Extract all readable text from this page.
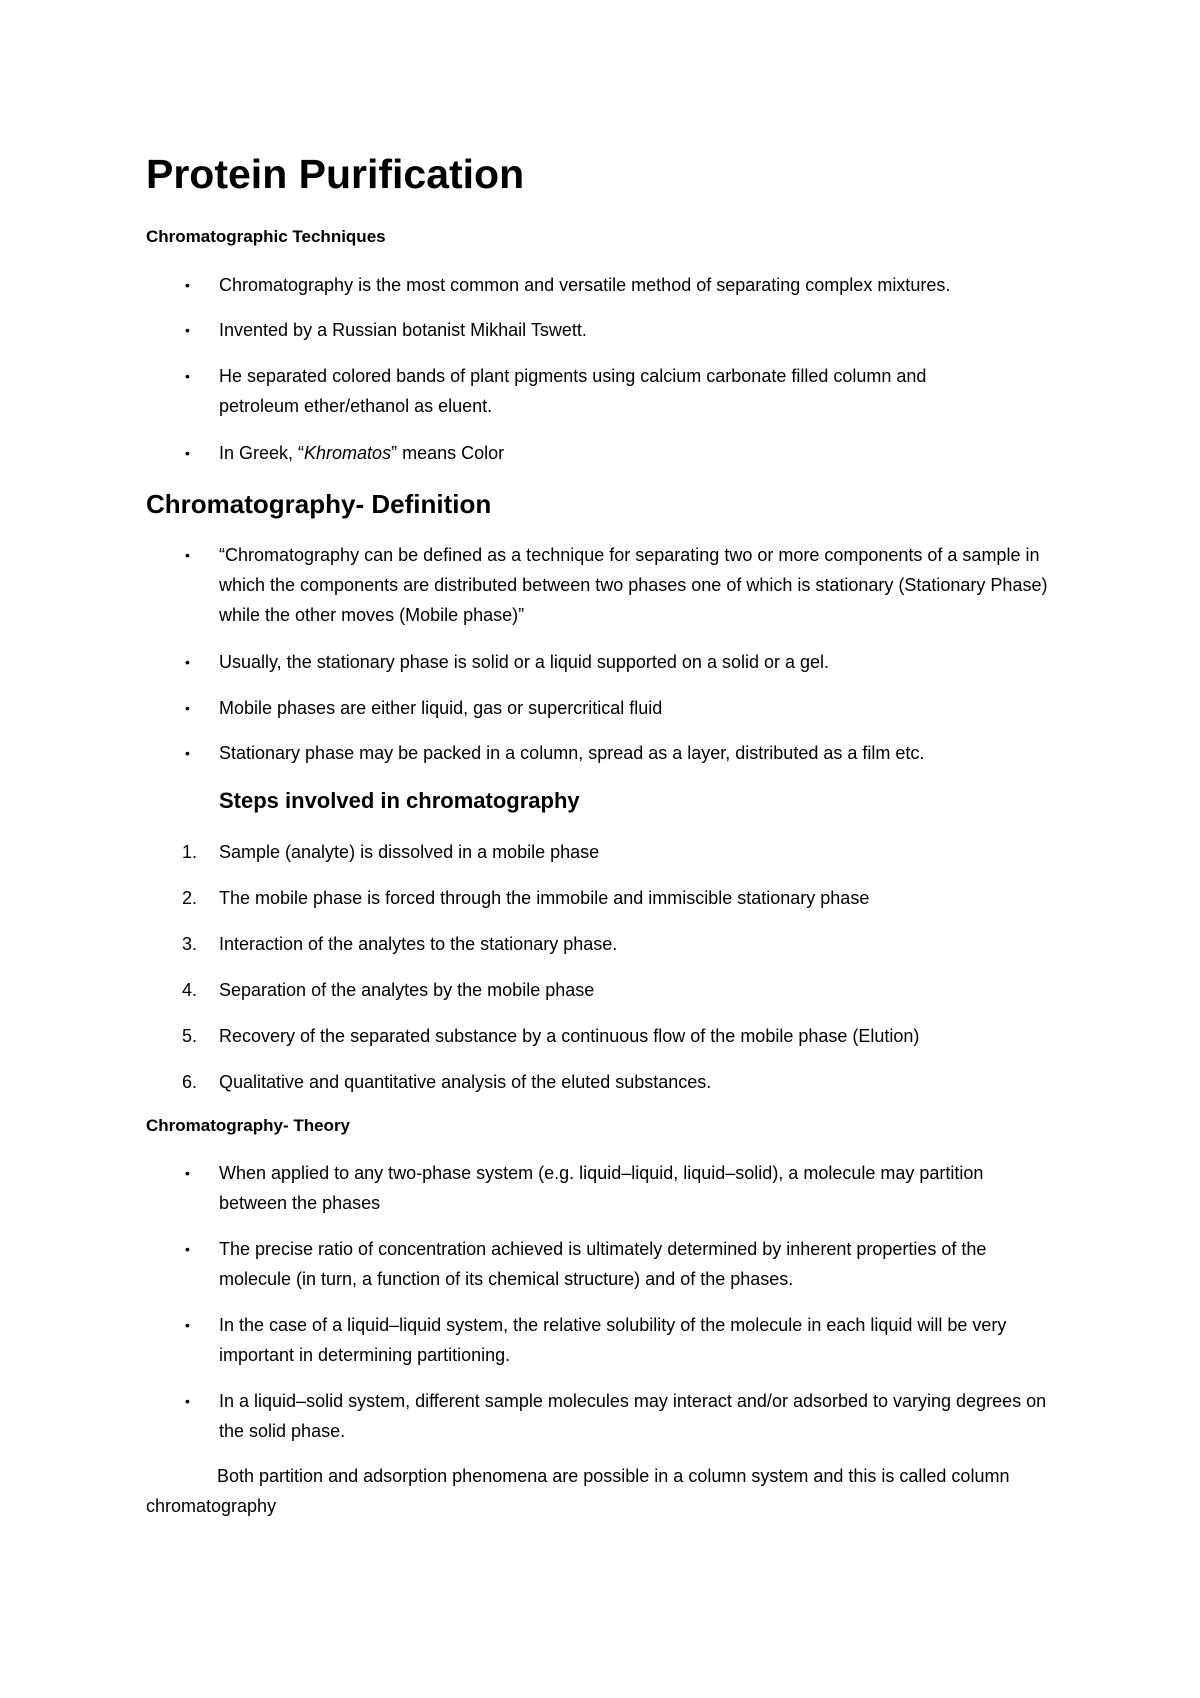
Protein Purification
Chromatographic Techniques
•	Chromatography is the most common and versatile method of separating complex mixtures.
•	Invented by a Russian botanist Mikhail Tswett.
•	He separated colored bands of plant pigments using calcium carbonate filled column and petroleum ether/ethanol as eluent.
•	In Greek, “Khromatos” means Color
Chromatography- Definition
•	“Chromatography can be defined as a technique for separating two or more components of a sample in which the components are distributed between two phases one of which is stationary (Stationary Phase) while the other moves (Mobile phase)”
•	Usually, the stationary phase is solid or a liquid supported on a solid or a gel.
•	Mobile phases are either liquid, gas or supercritical fluid
•	Stationary phase may be packed in a column, spread as a layer, distributed as a film etc.
Steps involved in chromatography
1.	Sample (analyte) is dissolved in a mobile phase
2.	The mobile phase is forced through the immobile and immiscible stationary phase
3.	Interaction of the analytes to the stationary phase.
4.	Separation of the analytes by the mobile phase
5.	Recovery of the separated substance by a continuous flow of the mobile phase (Elution)
6.	Qualitative and quantitative analysis of the eluted substances.
Chromatography- Theory
•	When applied to any two-phase system (e.g. liquid–liquid, liquid–solid), a molecule may partition between the phases
•	The precise ratio of concentration achieved is ultimately determined by inherent properties of the molecule (in turn, a function of its chemical structure) and of the phases.
•	In the case of a liquid–liquid system, the relative solubility of the molecule in each liquid will be very important in determining partitioning.
•	In a liquid–solid system, different sample molecules may interact and/or adsorbed to varying degrees on the solid phase.

Both partition and adsorption phenomena are possible in a column system and this is called column chromatography
